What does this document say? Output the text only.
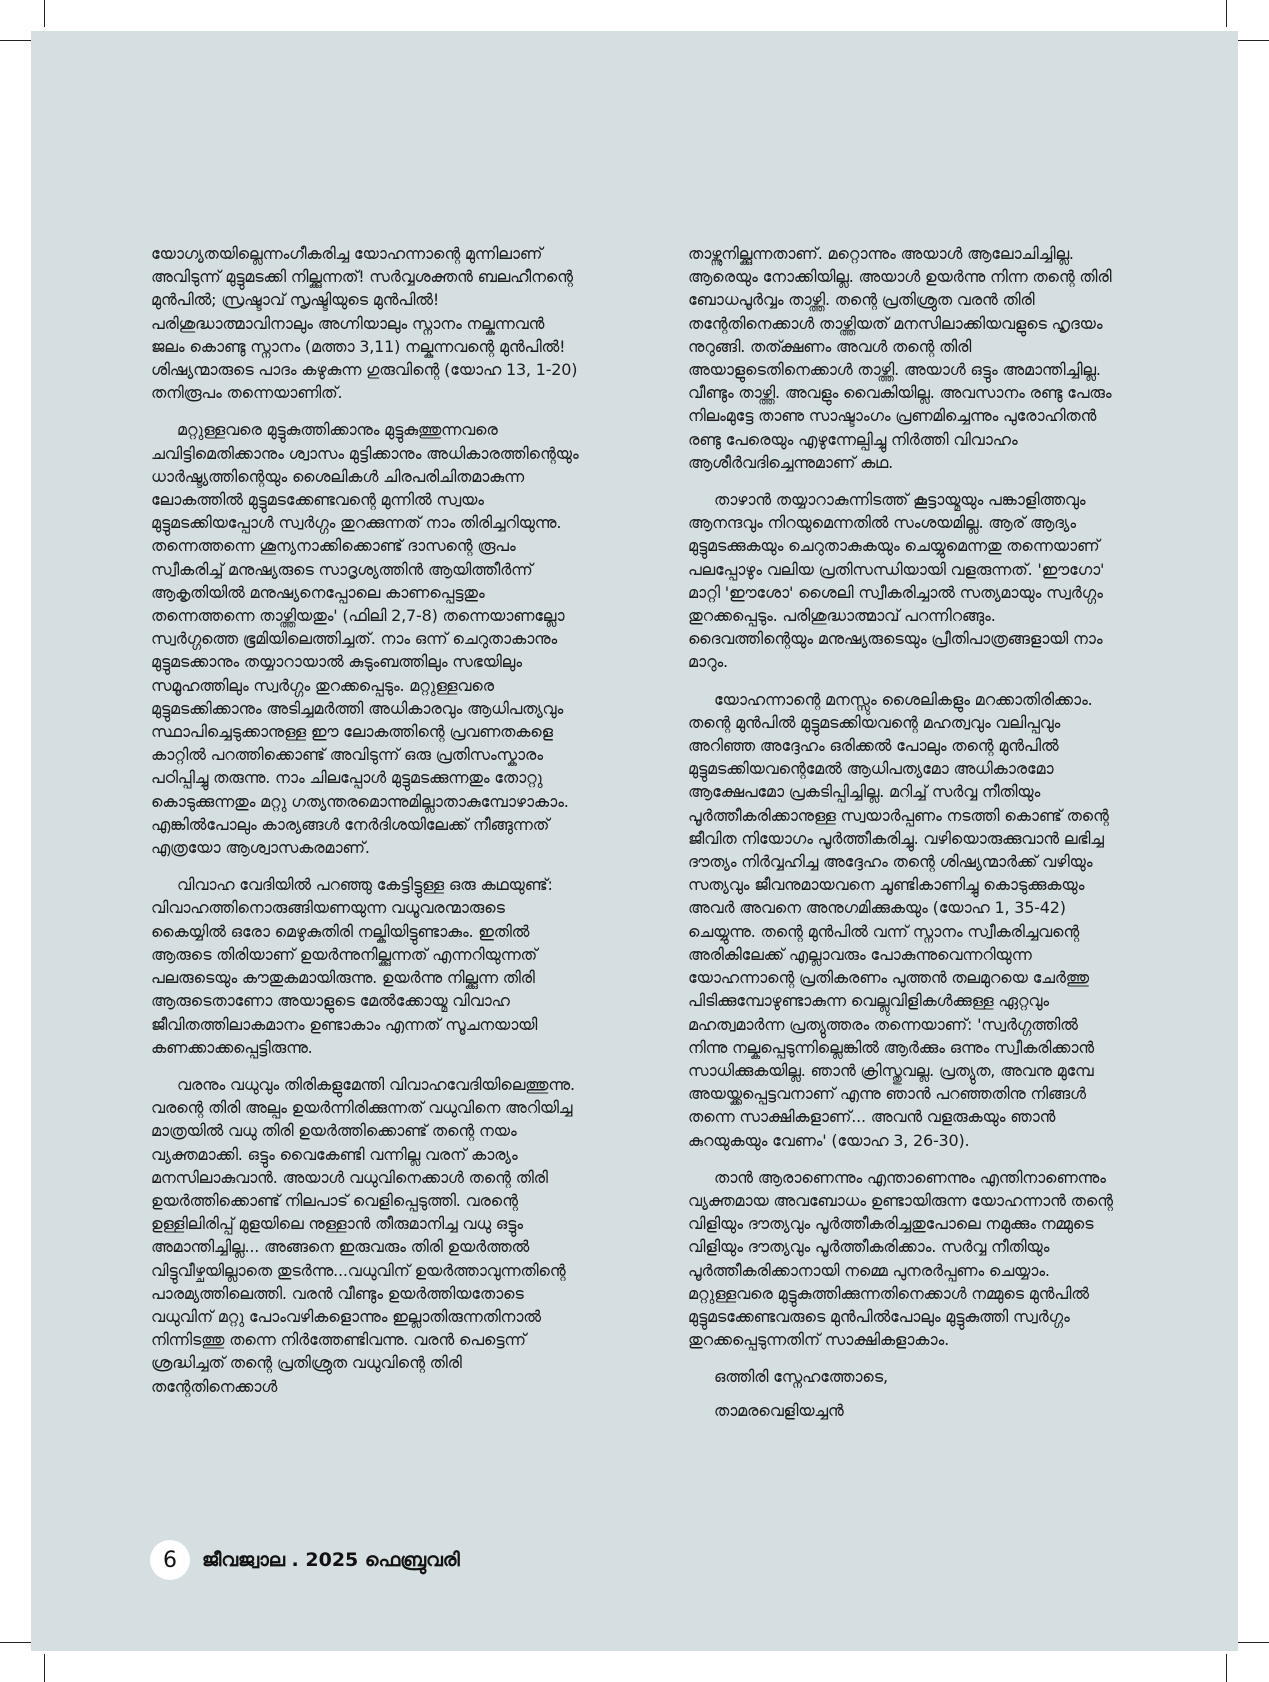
യോഗ്യതയില്ലെന്നംഗീകരിച്ച യോഹന്നാന്റെ മുന്നിലാണ് അവിടുന്ന് മുട്ടുമടക്കി നില്ക്കുന്നത്! സർവ്വശക്തൻ ബലഹീനന്റെ മുൻപിൽ; സ്രഷ്ടാവ് സൃഷ്ടിയുടെ മുൻപിൽ! പരിശുദ്ധാത്മാവിനാലും അഗ്നിയാലും സ്നാനം നല്കുന്നവൻ ജലം കൊണ്ടു സ്നാനം (മത്താ 3,11) നല്കുന്നവന്റെ മുൻപിൽ! ശിഷ്യന്മാരുടെ പാദം കഴുകുന്ന ഗുരുവിന്റെ (യോഹ 13, 1-20) തനിരൂപം തന്നെയാണിത്.

മറ്റുള്ളവരെ മുട്ടുകുത്തിക്കാനും മുട്ടുകുത്തുന്നവരെ ചവിട്ടിമെതിക്കാനും ശ്വാസം മുട്ടിക്കാനും അധികാരത്തിന്റെയും ധാർഷ്ട്യത്തിന്റെയും ശൈലികൾ ചിരപരിചിതമാകുന്ന ലോകത്തിൽ മുട്ടുമടക്കേണ്ടവന്റെ മുന്നിൽ സ്വയം മുട്ടുമടക്കിയപ്പോൾ സ്വർഗ്ഗം തുറക്കുന്നത് നാം തിരിച്ചറിയുന്നു. തന്നെത്തന്നെ ശൂന്യനാക്കിക്കൊണ്ട് ദാസന്റെ രൂപം സ്വീകരിച്ച് മനുഷ്യരുടെ സാദൃശ്യത്തിൻ ആയിത്തീർന്ന് ആകൃതിയിൽ മനുഷ്യനെപ്പോലെ കാണപ്പെട്ടതും തന്നെത്തന്നെ താഴ്ത്തിയതും' (ഫിലി 2,7-8) തന്നെയാണല്ലോ സ്വർഗ്ഗത്തെ ഭൂമിയിലെത്തിച്ചത്. നാം ഒന്ന് ചെറുതാകാനും മുട്ടുമടക്കാനും തയ്യാറായാൽ കുടുംബത്തിലും സഭയിലും സമൂഹത്തിലും സ്വർഗ്ഗം തുറക്കപ്പെടും. മറ്റുള്ളവരെ മുട്ടുമടക്കിക്കാനും അടിച്ചമർത്തി അധികാരവും ആധിപത്യവും സ്ഥാപിച്ചെടുക്കാനുള്ള ഈ ലോകത്തിന്റെ പ്രവണതകളെ കാറ്റിൽ പറത്തിക്കൊണ്ട് അവിടുന്ന് ഒരു പ്രതിസംസ്കാരം പഠിപ്പിച്ചു തരുന്നു. നാം ചിലപ്പോൾ മുട്ടുമടക്കുന്നതും തോറ്റു കൊടുക്കുന്നതും മറ്റു ഗത്യന്തരമൊന്നുമില്ലാതാകുമ്പോഴാകാം. എങ്കിൽപോലും കാര്യങ്ങൾ നേർദിശയിലേക്ക് നീങ്ങുന്നത് എത്രയോ ആശ്വാസകരമാണ്.

വിവാഹ വേദിയിൽ പറഞ്ഞു കേട്ടിട്ടുള്ള ഒരു കഥയുണ്ട്: വിവാഹത്തിനൊരുങ്ങിയണയുന്ന വധൂവരന്മാരുടെ കൈയ്യിൽ ഒരോ മെഴുകുതിരി നല്കിയിട്ടുണ്ടാകും. ഇതിൽ ആരുടെ തിരിയാണ് ഉയർന്നുനില്ക്കുന്നത് എന്നറിയുന്നത് പലരുടെയും കൗതുകമായിരുന്നു. ഉയർന്നു നില്ക്കുന്ന തിരി ആരുടെതാണോ അയാളുടെ മേൽക്കോയ്മ വിവാഹ ജീവിതത്തിലാകമാനം ഉണ്ടാകാം എന്നത് സൂചനയായി കണക്കാക്കപ്പെട്ടിരുന്നു.

വരനും വധുവും തിരികളുമേന്തി വിവാഹവേദിയിലെത്തുന്നു. വരന്റെ തിരി അല്പം ഉയർന്നിരിക്കുന്നത് വധുവിനെ അറിയിച്ച മാത്രയിൽ വധു തിരി ഉയർത്തിക്കൊണ്ട് തന്റെ നയം വ്യക്തമാക്കി. ഒട്ടും വൈകേണ്ടി വന്നില്ല വരന് കാര്യം മനസിലാകുവാൻ. അയാൾ വധുവിനെക്കാൾ തന്റെ തിരി ഉയർത്തിക്കൊണ്ട് നിലപാട് വെളിപ്പെടുത്തി. വരന്റെ ഉള്ളിലിരിപ്പ് മുളയിലെ നുള്ളാൻ തീരുമാനിച്ച വധു ഒട്ടും അമാന്തിച്ചില്ല... അങ്ങനെ ഇരുവരും തിരി ഉയർത്തൽ വിട്ടുവീഴ്ചയില്ലാതെ തുടർന്നു...വധുവിന് ഉയർത്താവുന്നതിന്റെ പാരമ്യത്തിലെത്തി. വരൻ വീണ്ടും ഉയർത്തിയതോടെ വധുവിന് മറ്റു പോംവഴികളൊന്നും ഇല്ലാതിരുന്നതിനാൽ നിന്നിടത്തു തന്നെ നിർത്തേണ്ടിവന്നു. വരൻ പെട്ടെന്ന് ശ്രദ്ധിച്ചത് തന്റെ പ്രതിശ്രുത വധുവിന്റെ തിരി തന്റേതിനെക്കാൾ

താഴ്ന്നുനില്ക്കുന്നതാണ്. മറ്റൊന്നും അയാൾ ആലോചിച്ചില്ല. ആരെയും നോക്കിയില്ല. അയാൾ ഉയർന്നു നിന്ന തന്റെ തിരി ബോധപൂർവ്വം താഴ്ത്തി. തന്റെ പ്രതിശ്രുത വരൻ തിരി തന്റേതിനെക്കാൾ താഴ്ത്തിയത് മനസിലാക്കിയവളുടെ ഹൃദയം നുറുങ്ങി. തത്ക്ഷണം അവൾ തന്റെ തിരി അയാളുടെതിനെക്കാൾ താഴ്ത്തി. അയാൾ ഒട്ടും അമാന്തിച്ചില്ല. വീണ്ടും താഴ്ത്തി. അവളും വൈകിയില്ല. അവസാനം രണ്ടു പേരും നിലംമുട്ടേ താണു സാഷ്ടാംഗം പ്രണമിച്ചെന്നും പുരോഹിതൻ രണ്ടു പേരെയും എഴുന്നേല്പിച്ചു നിർത്തി വിവാഹം ആശീർവദിച്ചെന്നുമാണ് കഥ.

താഴാൻ തയ്യാറാകുന്നിടത്ത് കൂട്ടായ്മയും പങ്കാളിത്തവും ആനന്ദവും നിറയുമെന്നതിൽ സംശയമില്ല. ആര് ആദ്യം മുട്ടുമടക്കുകയും ചെറുതാകുകയും ചെയ്യുമെന്നതു തന്നെയാണ് പലപ്പോഴും വലിയ പ്രതിസന്ധിയായി വളരുന്നത്. 'ഈഗോ' മാറ്റി 'ഈശോ' ശൈലി സ്വീകരിച്ചാൽ സത്യമായും സ്വർഗ്ഗം തുറക്കപ്പെടും. പരിശുദ്ധാത്മാവ് പറന്നിറങ്ങും. ദൈവത്തിന്റെയും മനുഷ്യരുടെയും പ്രീതിപാത്രങ്ങളായി നാം മാറും.

യോഹന്നാന്റെ മനസ്സും ശൈലികളും മറക്കാതിരിക്കാം. തന്റെ മുൻപിൽ മുട്ടുമടക്കിയവന്റെ മഹത്വവും വലിപ്പവും അറിഞ്ഞ അദ്ദേഹം ഒരിക്കൽ പോലും തന്റെ മുൻപിൽ മുട്ടുമടക്കിയവന്റെമേൽ ആധിപത്യമോ അധികാരമോ ആക്ഷേപമോ പ്രകടിപ്പിച്ചില്ല. മറിച്ച് സർവ്വ നീതിയും പൂർത്തീകരിക്കാനുള്ള സ്വയാർപ്പണം നടത്തി കൊണ്ട് തന്റെ ജീവിത നിയോഗം പൂർത്തീകരിച്ചു. വഴിയൊരുക്കുവാൻ ലഭിച്ച ദൗത്യം നിർവ്വഹിച്ച അദ്ദേഹം തന്റെ ശിഷ്യന്മാർക്ക് വഴിയും സത്യവും ജീവനുമായവനെ ചൂണ്ടികാണിച്ചു കൊടുക്കുകയും അവർ അവനെ അനുഗമിക്കുകയും (യോഹ 1, 35-42) ചെയ്യുന്നു. തന്റെ മുൻപിൽ വന്ന് സ്നാനം സ്വീകരിച്ചവന്റെ അരികിലേക്ക് എല്ലാവരും പോകുന്നുവെന്നറിയുന്ന യോഹന്നാന്റെ പ്രതികരണം പുത്തൻ തലമുറയെ ചേർത്തു പിടിക്കുമ്പോഴുണ്ടാകുന്ന വെല്ലുവിളികൾക്കുള്ള ഏറ്റവും മഹത്വമാർന്ന പ്രത്യുത്തരം തന്നെയാണ്: 'സ്വർഗ്ഗത്തിൽ നിന്നു നല്കപ്പെടുന്നില്ലെങ്കിൽ ആർക്കും ഒന്നും സ്വീകരിക്കാൻ സാധിക്കുകയില്ല. ഞാൻ ക്രിസ്തുവല്ല. പ്രത്യുത, അവനു മുമ്പേ അയയ്ക്കപ്പെട്ടവനാണ് എന്നു ഞാൻ പറഞ്ഞതിനു നിങ്ങൾ തന്നെ സാക്ഷികളാണ്... അവൻ വളരുകയും ഞാൻ കുറയുകയും വേണം' (യോഹ 3, 26-30).

താൻ ആരാണെന്നും എന്താണെന്നും എന്തിനാണെന്നും വ്യക്തമായ അവബോധം ഉണ്ടായിരുന്ന യോഹന്നാൻ തന്റെ വിളിയും ദൗത്യവും പൂർത്തീകരിച്ചതുപോലെ നമുക്കും നമ്മുടെ വിളിയും ദൗത്യവും പൂർത്തീകരിക്കാം. സർവ്വ നീതിയും പൂർത്തീകരിക്കാനായി നമ്മെ പുനരർപ്പണം ചെയ്യാം. മറ്റുള്ളവരെ മുട്ടുകുത്തിക്കുന്നതിനെക്കാൾ നമ്മുടെ മുൻപിൽ മുട്ടുമടക്കേണ്ടവരുടെ മുൻപിൽപോലും മുട്ടുകുത്തി സ്വർഗ്ഗം തുറക്കപ്പെടുന്നതിന് സാക്ഷികളാകാം.

ഒത്തിരി സ്നേഹത്തോടെ,

താമരവെളിയച്ചൻ

6	ജീവജ്വാല . 2025 ഫെബ്രുവരി
